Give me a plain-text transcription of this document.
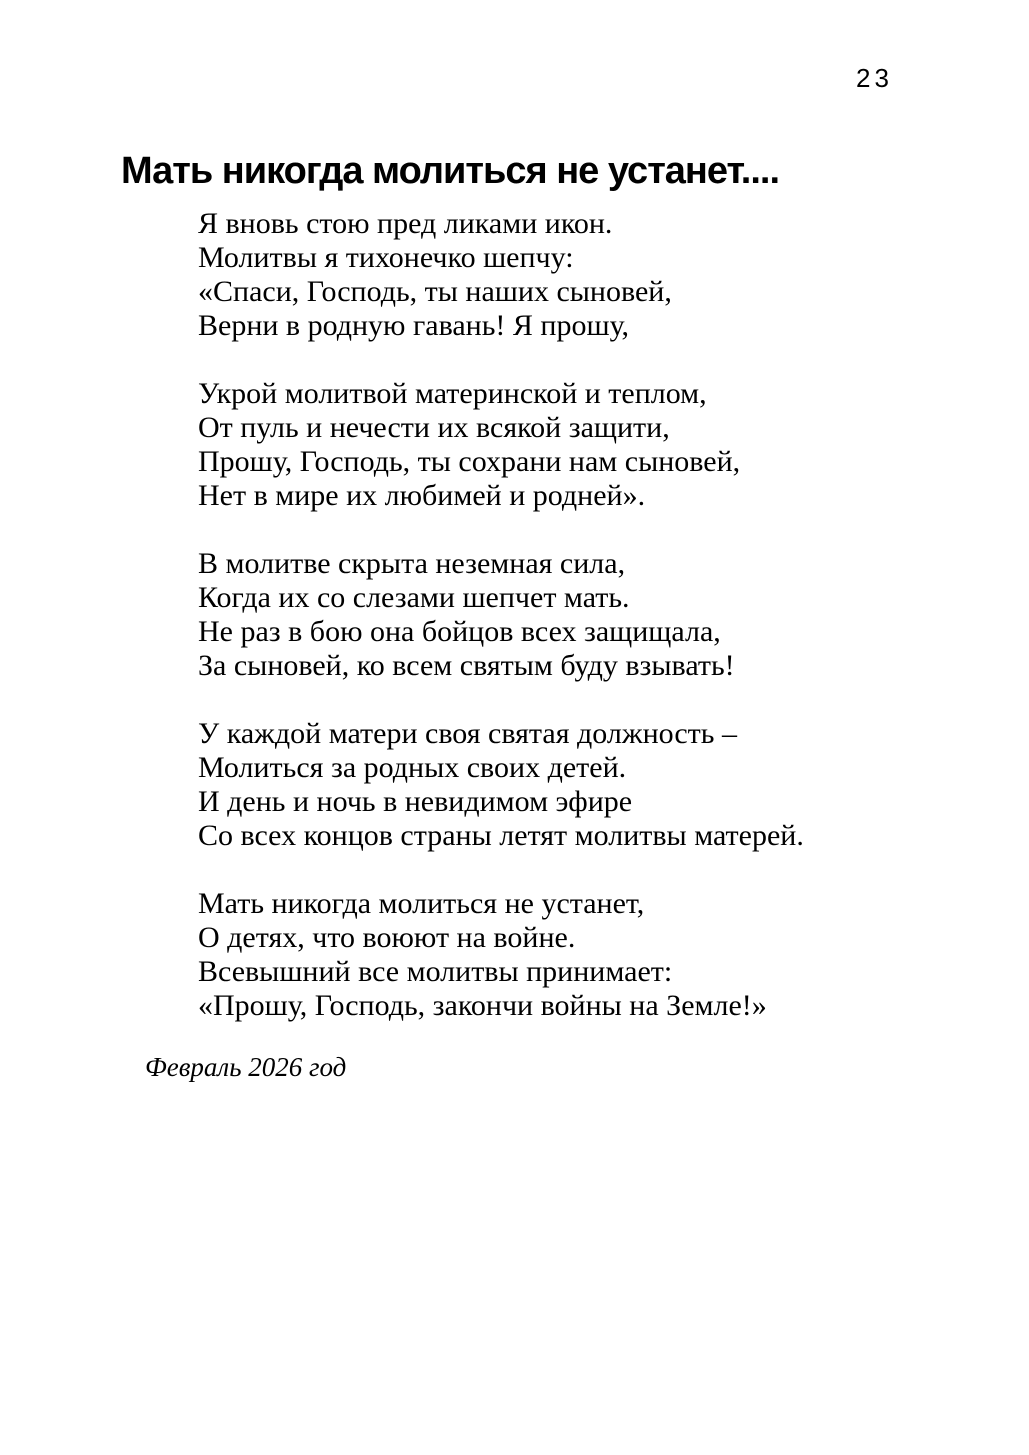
23
Мать никогда молиться не устанет....
Я вновь стою пред ликами икон.
Молитвы я тихонечко шепчу:
«Спаси, Господь, ты наших сыновей,
Верни в родную гавань! Я прошу,
Укрой молитвой материнской и теплом,
От пуль и нечести их всякой защити,
Прошу, Господь, ты сохрани нам сыновей,
Нет в мире их любимей и родней».
В молитве скрыта неземная сила,
Когда их со слезами шепчет мать.
Не раз в бою она бойцов всех защищала,
За сыновей, ко всем святым буду взывать!
У каждой матери своя святая должность –
Молиться за родных своих детей.
И день и ночь в невидимом эфире
Со всех концов страны летят молитвы матерей.
Мать никогда молиться не устанет,
О детях, что воюют на войне.
Всевышний все молитвы принимает:
«Прошу, Господь, закончи войны на Земле!»
Февраль 2026 год
